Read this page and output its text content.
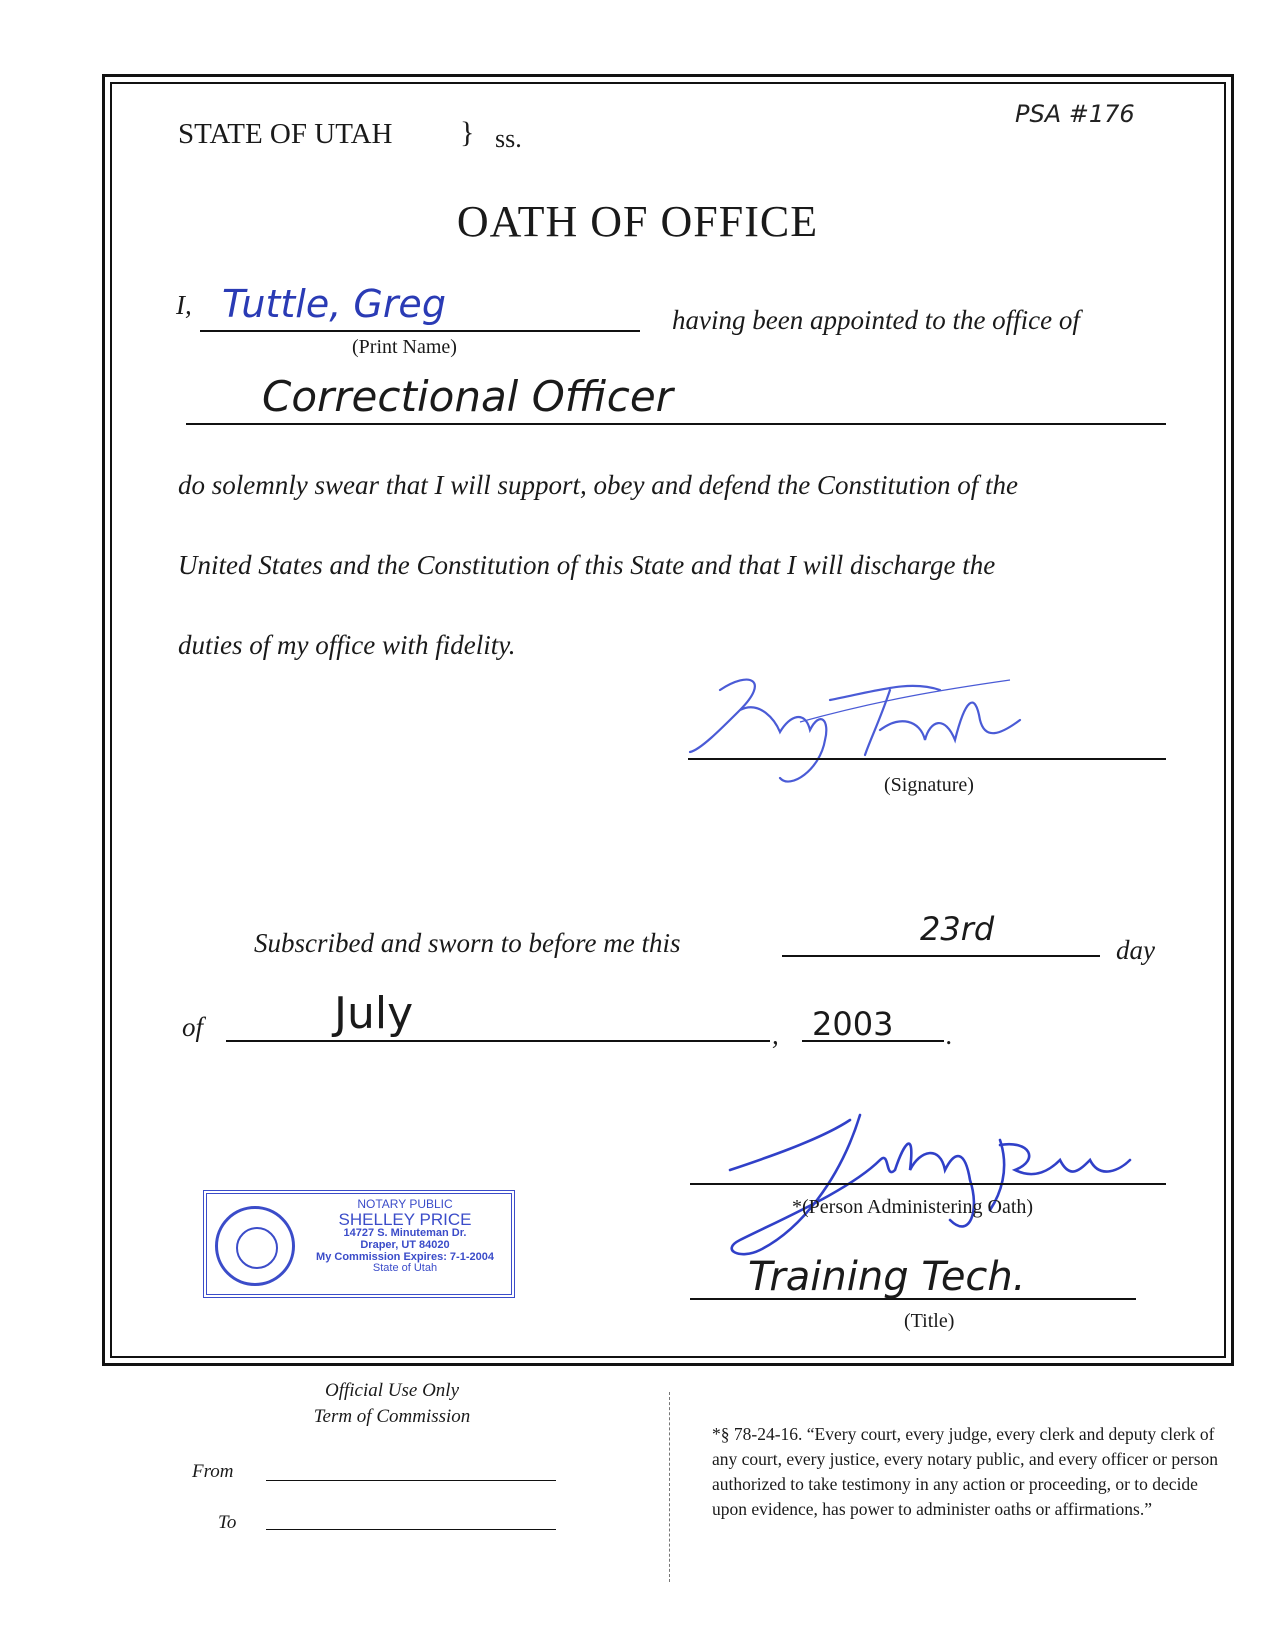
STATE OF UTAH } ss.
PSA #176
OATH OF OFFICE
I, Tuttle, Greg
(Print Name)
having been appointed to the office of
Correctional Officer
do solemnly swear that I will support, obey and defend the Constitution of the
United States and the Constitution of this State and that I will discharge the
duties of my office with fidelity.
(Signature)
Subscribed and sworn to before me this	23rd
day
of	July	, 2003 .
*(Person Administering Oath)
Training Tech.
(Title)
NOTARY PUBLIC
SHELLEY PRICE
14727 S. Minuteman Dr.
Draper, UT 84020
My Commission Expires: 7-1-2004
State of Utah
Official Use Only
Term of Commission
From
To
*§ 78-24-16. “Every court, every judge, every clerk and deputy clerk of any court, every justice, every notary public, and every officer or person authorized to take testimony in any action or proceeding, or to decide upon evidence, has power to administer oaths or affirmations.”
